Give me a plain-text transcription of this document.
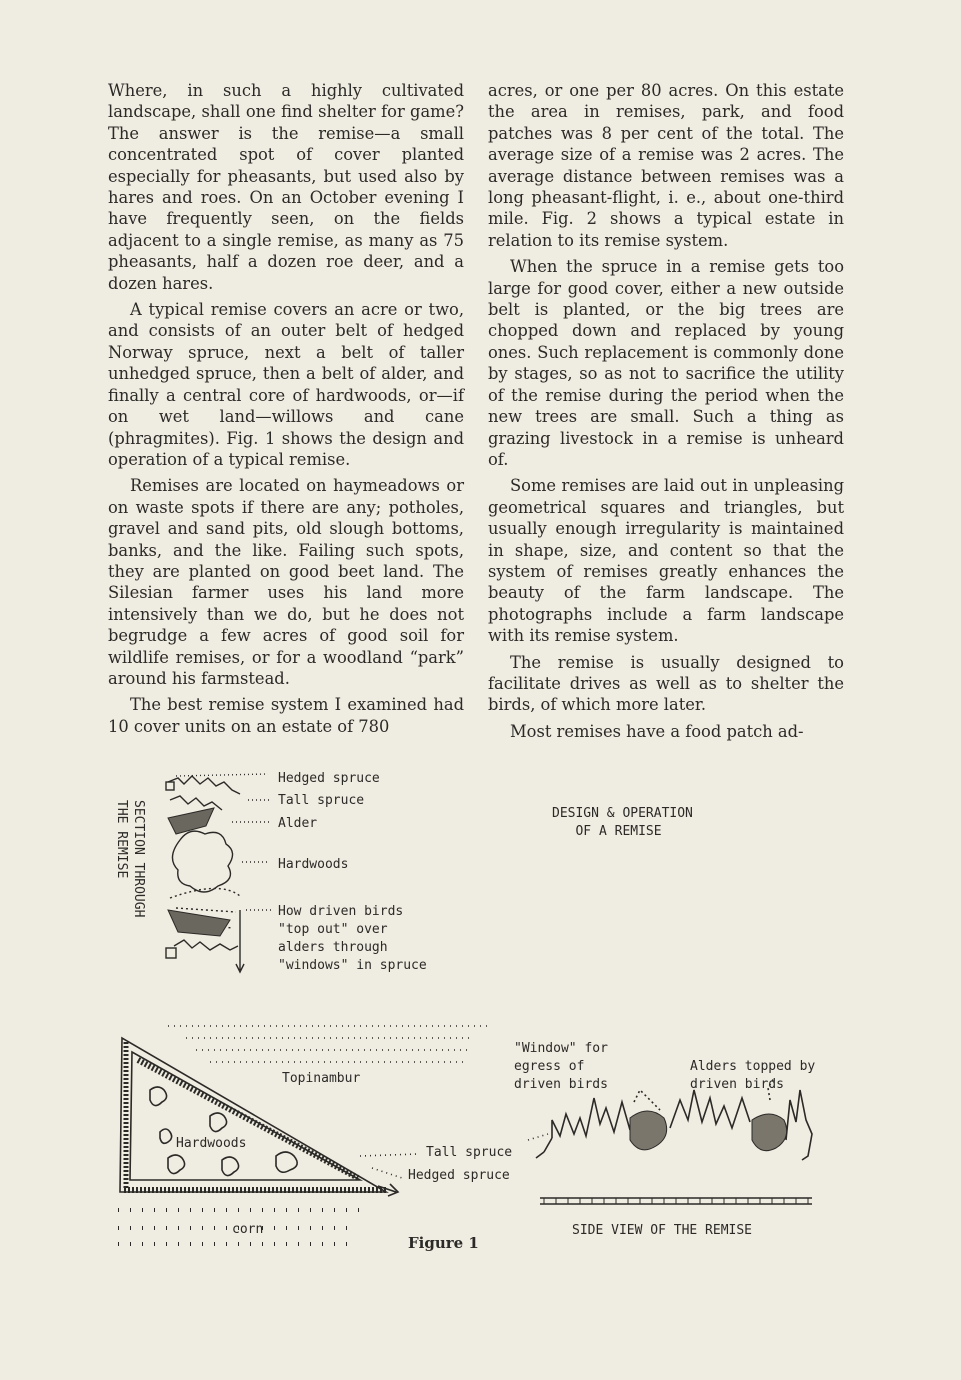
Where, in such a highly cultivated landscape, shall one find shelter for game? The answer is the remise—a small concentrated spot of cover planted especially for pheasants, but used also by hares and roes. On an October evening I have frequently seen, on the fields adjacent to a single remise, as many as 75 pheasants, half a dozen roe deer, and a dozen hares.

A typical remise covers an acre or two, and consists of an outer belt of hedged Norway spruce, next a belt of taller unhedged spruce, then a belt of alder, and finally a central core of hardwoods, or—if on wet land—willows and cane (phragmites). Fig. 1 shows the design and operation of a typical remise.

Remises are located on haymeadows or on waste spots if there are any; potholes, gravel and sand pits, old slough bottoms, banks, and the like. Failing such spots, they are planted on good beet land. The Silesian farmer uses his land more intensively than we do, but he does not begrudge a few acres of good soil for wildlife remises, or for a woodland “park” around his farmstead.

The best remise system I examined had 10 cover units on an estate of 780

acres, or one per 80 acres. On this estate the area in remises, park, and food patches was 8 per cent of the total. The average size of a remise was 2 acres. The average distance between remises was a long pheasant-flight, i. e., about one-third mile. Fig. 2 shows a typical estate in relation to its remise system.

When the spruce in a remise gets too large for good cover, either a new outside belt is planted, or the big trees are chopped down and replaced by young ones. Such replacement is commonly done by stages, so as not to sacrifice the utility of the remise during the period when the new trees are small. Such a thing as grazing livestock in a remise is unheard of.

Some remises are laid out in unpleasing geometrical squares and triangles, but usually enough irregularity is maintained in shape, size, and content so that the system of remises greatly enhances the beauty of the farm landscape. The photographs include a farm landscape with its remise system.

The remise is usually designed to facilitate drives as well as to shelter the birds, of which more later.

Most remises have a food patch ad-

SECTION THROUGH
THE REMISE
Hedged spruce
Tall spruce
Alder
Hardwoods
How driven birds
"top out" over
alders through
"windows" in spruce
DESIGN & OPERATION
OF A REMISE
Topinambur
Hardwoods
Tall spruce
Hedged spruce
corn
"Window" for
egress of
driven birds
Alders topped by
driven birds
SIDE VIEW OF THE REMISE
Figure 1
